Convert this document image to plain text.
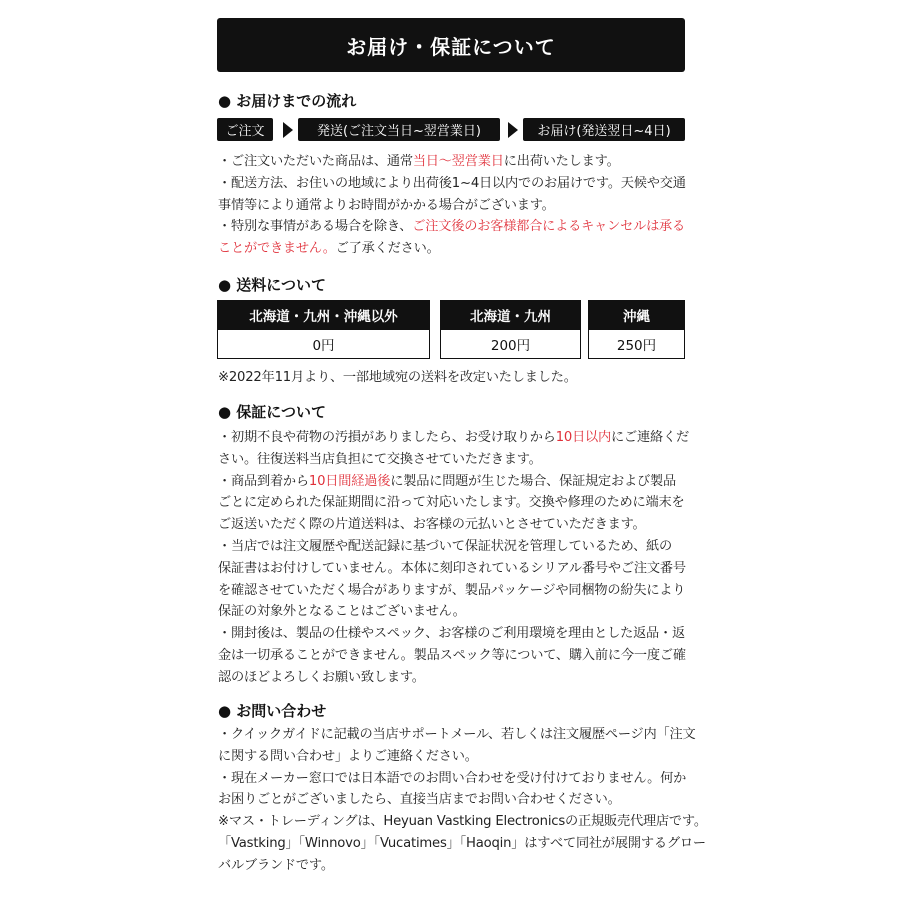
お届け・保証について
● お届けまでの流れ
ご注文	発送(ご注文当日~翌営業日)	お届け(発送翌日~4日)
・ご注文いただいた商品は、通常当日～翌営業日に出荷いたします。
・配送方法、お住いの地域により出荷後1~4日以内でのお届けです。天候や交通
事情等により通常よりお時間がかかる場合がございます。
・特別な事情がある場合を除き、ご注文後のお客様都合によるキャンセルは承る
ことができません。ご了承ください。
● 送料について
北海道・九州・沖縄以外	北海道・九州	沖縄
0円	200円	250円
※2022年11月より、一部地域宛の送料を改定いたしました。
● 保証について
・初期不良や荷物の汚損がありましたら、お受け取りから10日以内にご連絡くだ
さい。往復送料当店負担にて交換させていただきます。
・商品到着から10日間経過後に製品に問題が生じた場合、保証規定および製品
ごとに定められた保証期間に沿って対応いたします。交換や修理のために端末を
ご返送いただく際の片道送料は、お客様の元払いとさせていただきます。
・当店では注文履歴や配送記録に基づいて保証状況を管理しているため、紙の
保証書はお付けしていません。本体に刻印されているシリアル番号やご注文番号
を確認させていただく場合がありますが、製品パッケージや同梱物の紛失により
保証の対象外となることはございません。
・開封後は、製品の仕様やスペック、お客様のご利用環境を理由とした返品・返
金は一切承ることができません。製品スペック等について、購入前に今一度ご確
認のほどよろしくお願い致します。
● お問い合わせ
・クイックガイドに記載の当店サポートメール、若しくは注文履歴ページ内「注文
に関する問い合わせ」よりご連絡ください。
・現在メーカー窓口では日本語でのお問い合わせを受け付けておりません。何か
お困りごとがございましたら、直接当店までお問い合わせください。
※マス・トレーディングは、Heyuan Vastking Electronicsの正規販売代理店です。
「Vastking」「Winnovo」「Vucatimes」「Haoqin」はすべて同社が展開するグロー
バルブランドです。
